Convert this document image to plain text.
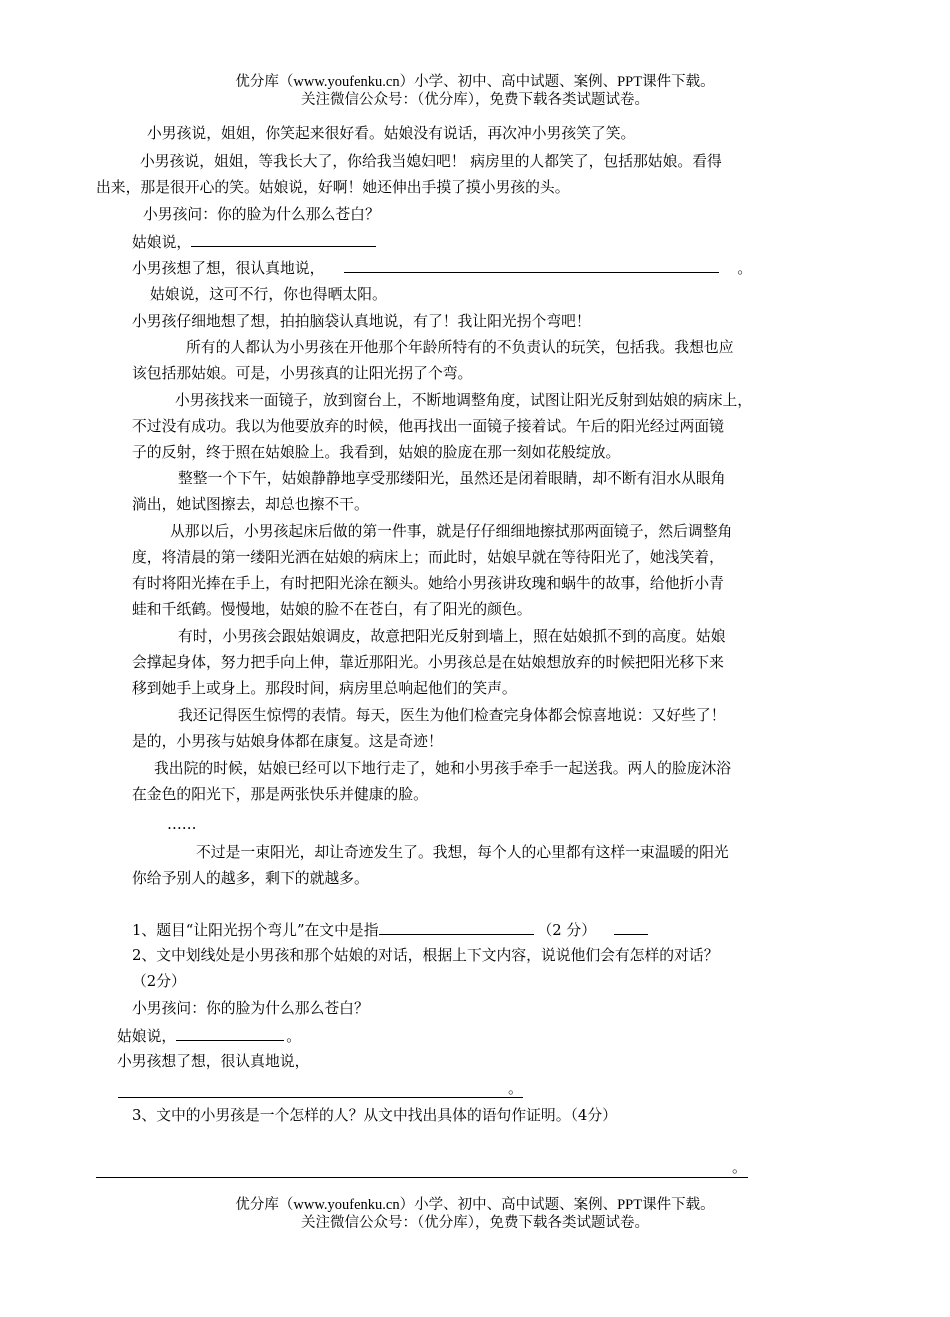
优分库（www.youfenku.cn）小学、初中、高中试题、案例、PPT课件下载。
关注微信公众号：（优分库），免费下载各类试题试卷。
小男孩说，姐姐，你笑起来很好看。姑娘没有说话，再次冲小男孩笑了笑。
小男孩说，姐姐，等我长大了，你给我当媳妇吧！ 病房里的人都笑了，包括那姑娘。看得
出来，那是很开心的笑。姑娘说，好啊！她还伸出手摸了摸小男孩的头。
小男孩问：你的脸为什么那么苍白？
姑娘说，
小男孩想了想，很认真地说，	。
姑娘说，这可不行，你也得晒太阳。
小男孩仔细地想了想，拍拍脑袋认真地说，有了！我让阳光拐个弯吧！
所有的人都认为小男孩在开他那个年龄所特有的不负责认的玩笑，包括我。我想也应
该包括那姑娘。可是，小男孩真的让阳光拐了个弯。
小男孩找来一面镜子，放到窗台上，不断地调整角度，试图让阳光反射到姑娘的病床上，
不过没有成功。我以为他要放弃的时候，他再找出一面镜子接着试。午后的阳光经过两面镜
子的反射，终于照在姑娘脸上。我看到，姑娘的脸庞在那一刻如花般绽放。
整整一个下午，姑娘静静地享受那缕阳光，虽然还是闭着眼睛，却不断有泪水从眼角
淌出，她试图擦去，却总也擦不干。
从那以后，小男孩起床后做的第一件事，就是仔仔细细地擦拭那两面镜子，然后调整角
度，将清晨的第一缕阳光洒在姑娘的病床上；而此时，姑娘早就在等待阳光了，她浅笑着，
有时将阳光捧在手上，有时把阳光涂在额头。她给小男孩讲玫瑰和蜗牛的故事，给他折小青
蛙和千纸鹤。慢慢地，姑娘的脸不在苍白，有了阳光的颜色。
有时，小男孩会跟姑娘调皮，故意把阳光反射到墙上，照在姑娘抓不到的高度。姑娘
会撑起身体，努力把手向上伸，靠近那阳光。小男孩总是在姑娘想放弃的时候把阳光移下来
移到她手上或身上。那段时间，病房里总响起他们的笑声。
我还记得医生惊愕的表情。每天，医生为他们检查完身体都会惊喜地说：又好些了！
是的，小男孩与姑娘身体都在康复。这是奇迹！
我出院的时候，姑娘已经可以下地行走了，她和小男孩手牵手一起送我。两人的脸庞沐浴
在金色的阳光下，那是两张快乐并健康的脸。
……
不过是一束阳光，却让奇迹发生了。我想，每个人的心里都有这样一束温暖的阳光
你给予别人的越多，剩下的就越多。
1、题目“让阳光拐个弯儿”在文中是指	（2 分）
2、文中划线处是小男孩和那个姑娘的对话，根据上下文内容，说说他们会有怎样的对话？
（2分）
小男孩问：你的脸为什么那么苍白？
姑娘说，	。
小男孩想了想，很认真地说，
。
3、文中的小男孩是一个怎样的人？从文中找出具体的语句作证明。（4分）
。
优分库（www.youfenku.cn）小学、初中、高中试题、案例、PPT课件下载。
关注微信公众号：（优分库），免费下载各类试题试卷。
